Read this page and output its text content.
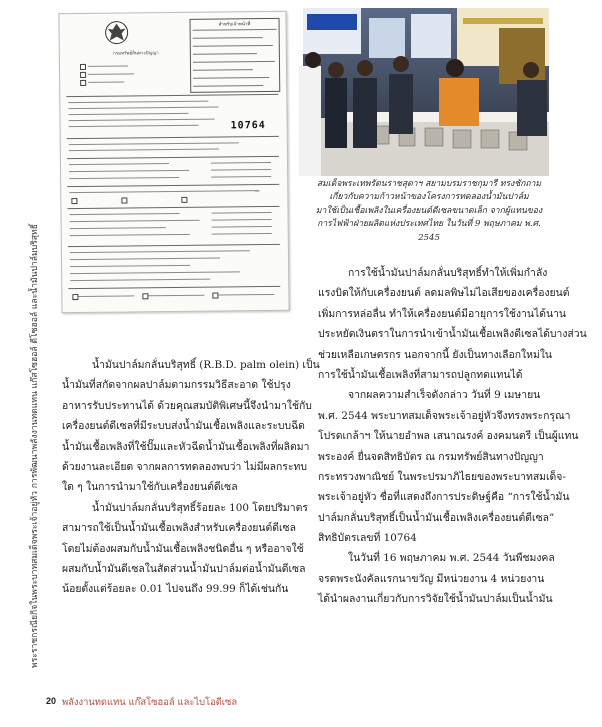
กรมทรัพย์สินทางปัญญา
สำหรับเจ้าหน้าที่
10764
สมเด็จพระเทพรัตนราชสุดาฯ สยามบรมราชกุมารี ทรงชักถาม
เกี่ยวกับความก้าวหน้าของโครงการทดลองน้ำมันปาล์ม
มาใช้เป็นเชื้อเพลิงในเครื่องยนต์ดีเซลขนาดเล็ก จากผู้แทนของ
การไฟฟ้าฝ่ายผลิตแห่งประเทศไทย ในวันที่ 9 พฤษภาคม พ.ศ. 2545
พระราชกรณียกิจในพระบาทสมเด็จพระเจ้าอยู่หัว การพัฒนาพลังงานทดแทน แก๊สโซฮอล์ ดีโซฮอล์ และน้ำมันปาล์มบริสุทธิ์	การใช้น้ำมันปาล์มกลั่นบริสุทธิ์ทำให้เพิ่มกำลัง
แรงบิดให้กับเครื่องยนต์ ลดมลพิษไม่ไอเสียของเครื่องยนต์
เพิ่มการหล่อลื่น ทำให้เครื่องยนต์มีอายุการใช้งานได้นาน
ประหยัดเงินตราในการนำเข้าน้ำมันเชื้อเพลิงดีเซลได้บางส่วน
ช่วยเหลือเกษตรกร นอกจากนี้ ยังเป็นทางเลือกใหม่ใน
การใช้น้ำมันเชื้อเพลิงที่สามารถปลูกทดแทนได้
จากผลความสำเร็จดังกล่าว วันที่ 9 เมษายน
พ.ศ. 2544 พระบาทสมเด็จพระเจ้าอยู่หัวจึงทรงพระกรุณา
โปรดเกล้าฯ ให้นายอำพล เสนาณรงค์ องคมนตรี เป็นผู้แทน
พระองค์ ยื่นจดสิทธิบัตร ณ กรมทรัพย์สินทางปัญญา
กระทรวงพาณิชย์ ในพระปรมาภิไธยของพระบาทสมเด็จ-
พระเจ้าอยู่หัว ชื่อที่แสดงถึงการประดิษฐ์คือ “การใช้น้ำมัน
ปาล์มกลั่นบริสุทธิ์เป็นน้ำมันเชื้อเพลิงเครื่องยนต์ดีเซล”
สิทธิบัตรเลขที่ 10764
ในวันที่ 16 พฤษภาคม พ.ศ. 2544 วันพืชมงคล
จรดพระนังคัลแรกนาขวัญ มีหน่วยงาน 4 หน่วยงาน
ได้นำผลงานเกี่ยวกับการวิจัยใช้น้ำมันปาล์มเป็นน้ำมัน
น้ำมันปาล์มกลั่นบริสุทธิ์ (R.B.D. palm olein) เป็น
น้ำมันที่สกัดจากผลปาล์มตามกรรมวิธีสะอาด ใช้ปรุง
อาหารรับประทานได้ ด้วยคุณสมบัติพิเศษนี้จึงนำมาใช้กับ
เครื่องยนต์ดีเซลที่มีระบบส่งน้ำมันเชื้อเพลิงและระบบฉีด
น้ำมันเชื้อเพลิงที่ใช้ปั๊มและหัวฉีดน้ำมันเชื้อเพลิงที่ผลิตมา
ด้วยงานละเอียด จากผลการทดลองพบว่า ไม่มีผลกระทบ
ใด ๆ ในการนำมาใช้กับเครื่องยนต์ดีเซล
น้ำมันปาล์มกลั่นบริสุทธิ์ร้อยละ 100 โดยปริมาตร
สามารถใช้เป็นน้ำมันเชื้อเพลิงสำหรับเครื่องยนต์ดีเซล
โดยไม่ต้องผสมกับน้ำมันเชื้อเพลิงชนิดอื่น ๆ หรืออาจใช้
ผสมกับน้ำมันดีเซลในสัดส่วนน้ำมันปาล์มต่อน้ำมันดีเซล
น้อยตั้งแต่ร้อยละ 0.01 ไปจนถึง 99.99 ก็ได้เช่นกัน
20 พลังงานทดแทน แก๊สโซฮอล์ และไบโอดีเซล
